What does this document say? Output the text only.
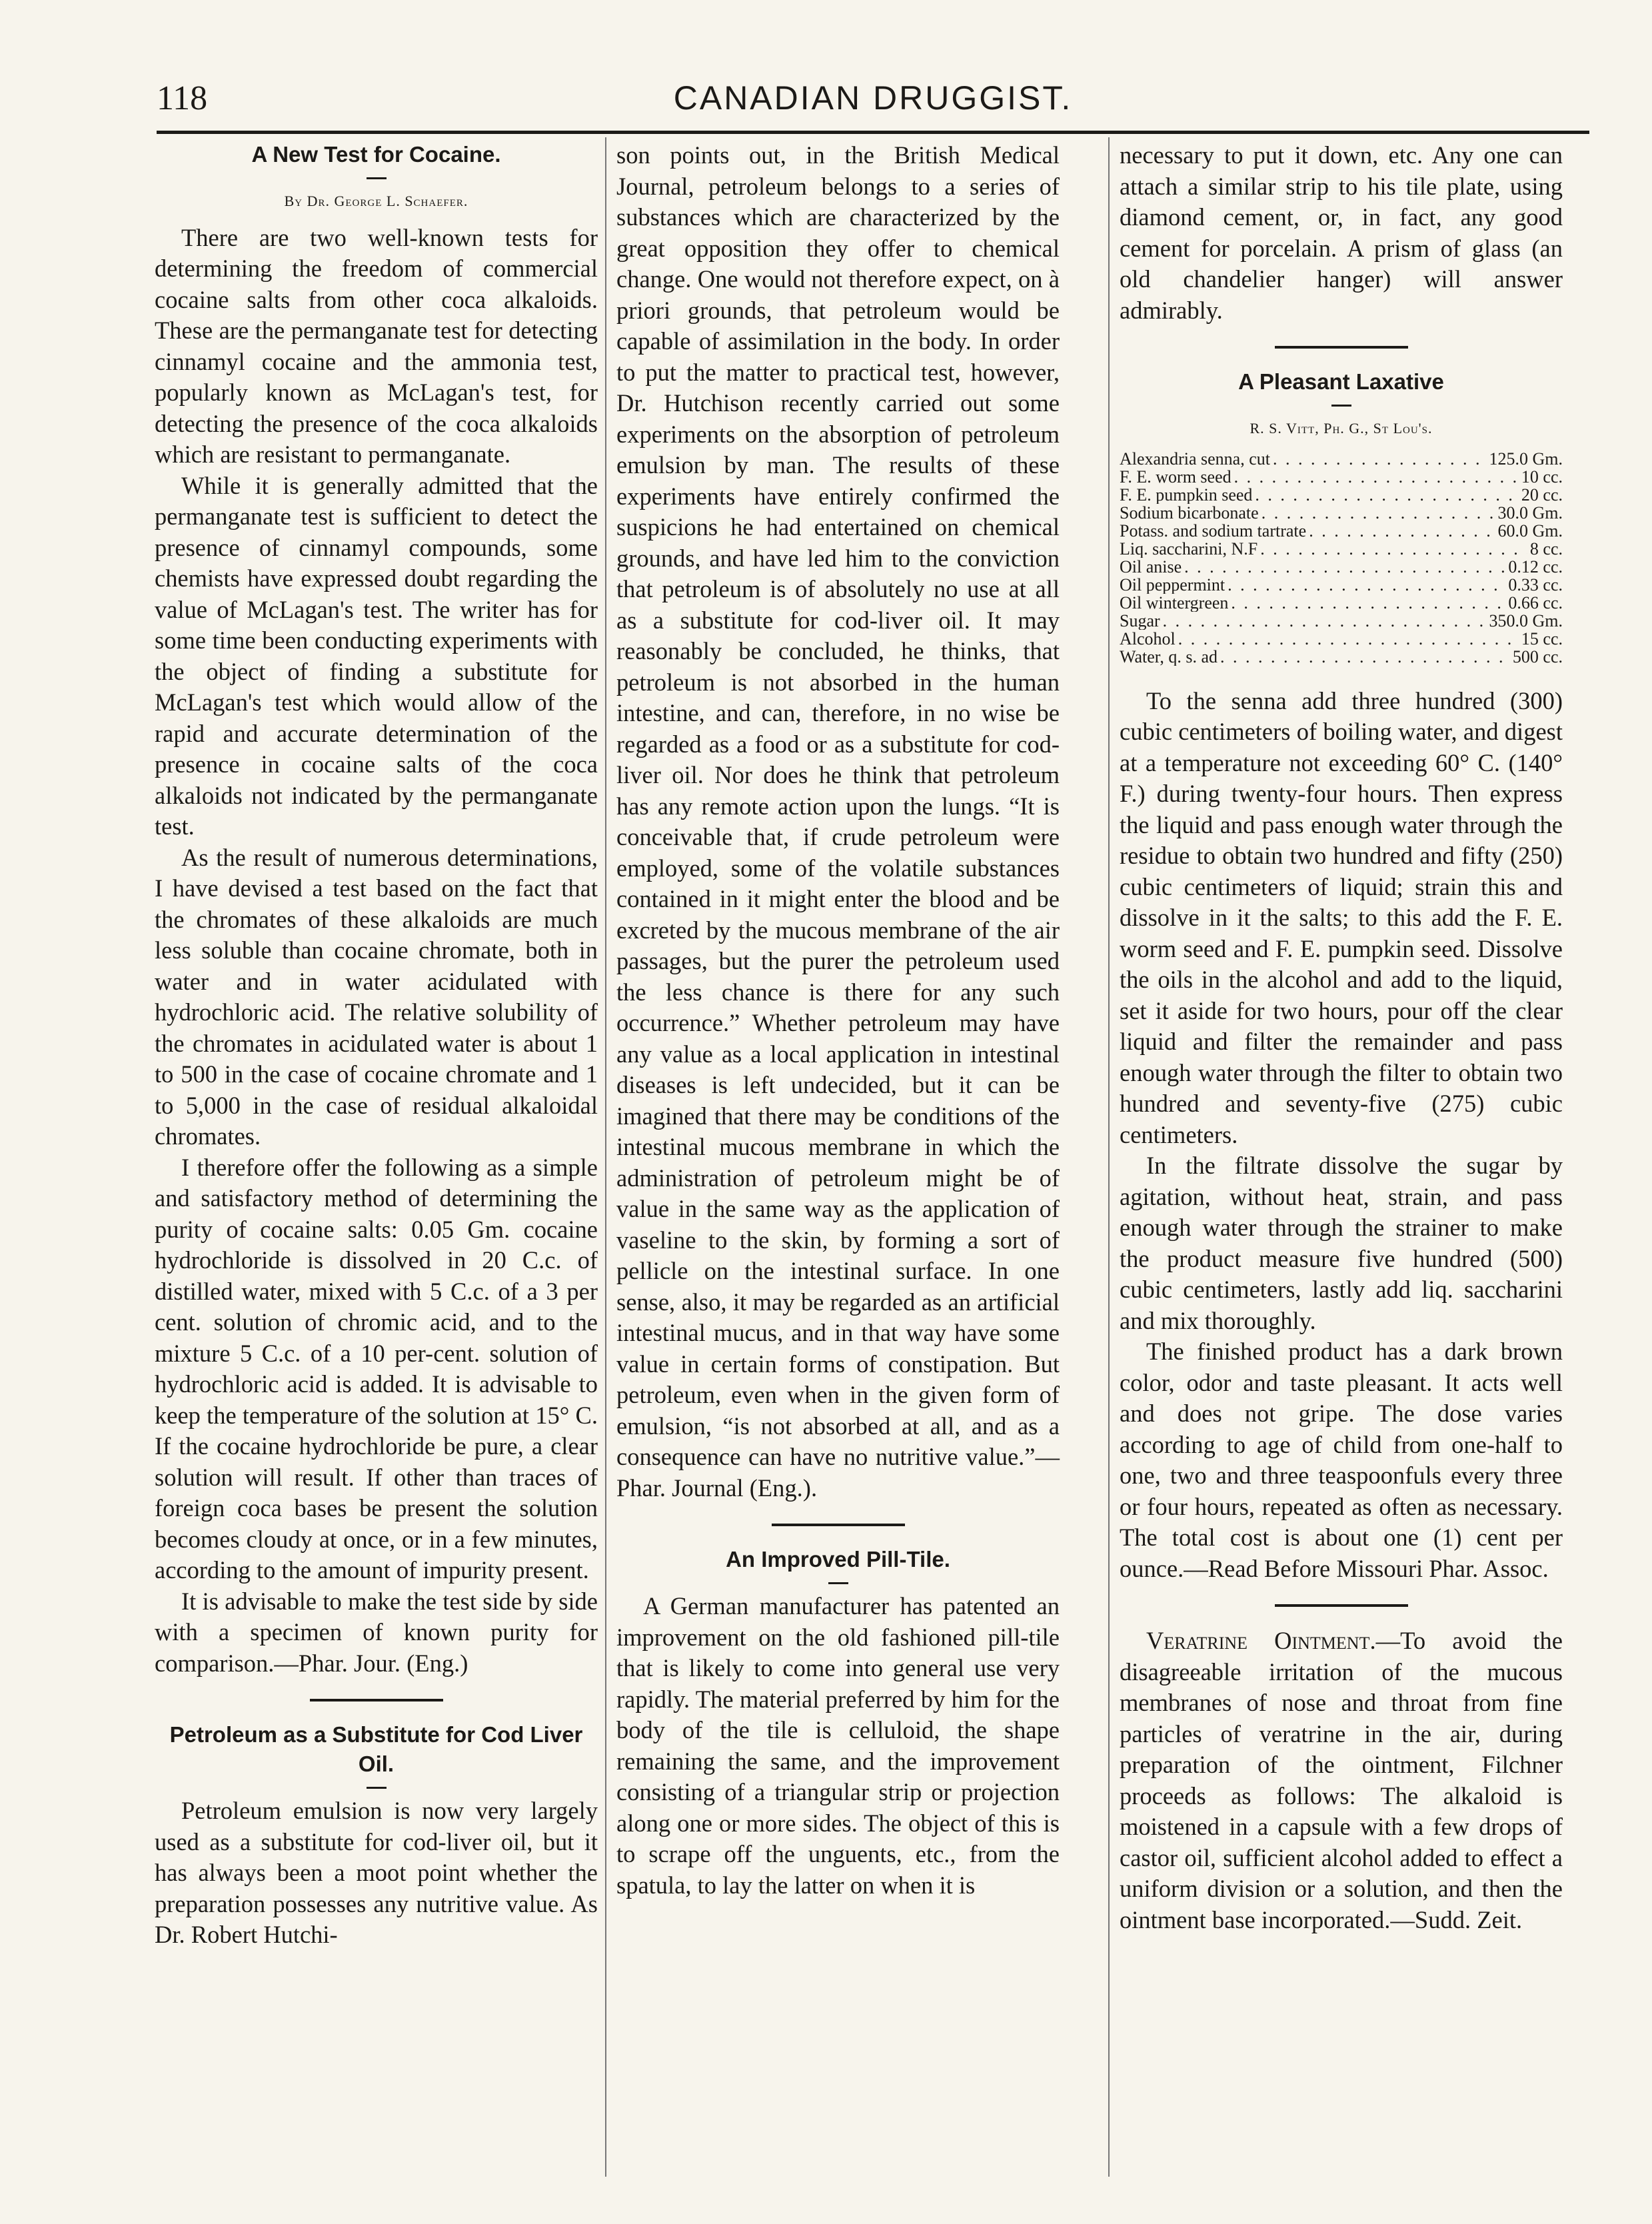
118	CANADIAN DRUGGIST.
A New Test for Cocaine.
By Dr. George L. Schaefer.

There are two well-known tests for determining the freedom of commercial cocaine salts from other coca alkaloids. These are the permanganate test for detecting cinnamyl cocaine and the ammonia test, popularly known as McLagan's test, for detecting the presence of the coca alkaloids which are resistant to permanganate.

While it is generally admitted that the permanganate test is sufficient to detect the presence of cinnamyl compounds, some chemists have expressed doubt regarding the value of McLagan's test. The writer has for some time been conducting experiments with the object of finding a substitute for McLagan's test which would allow of the rapid and accurate determination of the presence in cocaine salts of the coca alkaloids not indicated by the permanganate test.

As the result of numerous determinations, I have devised a test based on the fact that the chromates of these alkaloids are much less soluble than cocaine chromate, both in water and in water acidulated with hydrochloric acid. The relative solubility of the chromates in acidulated water is about 1 to 500 in the case of cocaine chromate and 1 to 5,000 in the case of residual alkaloidal chromates.

I therefore offer the following as a simple and satisfactory method of determining the purity of cocaine salts: 0.05 Gm. cocaine hydrochloride is dissolved in 20 C.c. of distilled water, mixed with 5 C.c. of a 3 per cent. solution of chromic acid, and to the mixture 5 C.c. of a 10 per-cent. solution of hydrochloric acid is added. It is advisable to keep the temperature of the solution at 15° C. If the cocaine hydrochloride be pure, a clear solution will result. If other than traces of foreign coca bases be present the solution becomes cloudy at once, or in a few minutes, according to the amount of impurity present.

It is advisable to make the test side by side with a specimen of known purity for comparison.—Phar. Jour. (Eng.)

Petroleum as a Substitute for Cod Liver Oil.

Petroleum emulsion is now very largely used as a substitute for cod-liver oil, but it has always been a moot point whether the preparation possesses any nutritive value. As Dr. Robert Hutchi-

son points out, in the British Medical Journal, petroleum belongs to a series of substances which are characterized by the great opposition they offer to chemical change. One would not therefore expect, on à priori grounds, that petroleum would be capable of assimilation in the body. In order to put the matter to practical test, however, Dr. Hutchison recently carried out some experiments on the absorption of petroleum emulsion by man. The results of these experiments have entirely confirmed the suspicions he had entertained on chemical grounds, and have led him to the conviction that petroleum is of absolutely no use at all as a substitute for cod-liver oil. It may reasonably be concluded, he thinks, that petroleum is not absorbed in the human intestine, and can, therefore, in no wise be regarded as a food or as a substitute for cod-liver oil. Nor does he think that petroleum has any remote action upon the lungs. “It is conceivable that, if crude petroleum were employed, some of the volatile substances contained in it might enter the blood and be excreted by the mucous membrane of the air passages, but the purer the petroleum used the less chance is there for any such occurrence.” Whether petroleum may have any value as a local application in intestinal diseases is left undecided, but it can be imagined that there may be conditions of the intestinal mucous membrane in which the administration of petroleum might be of value in the same way as the application of vaseline to the skin, by forming a sort of pellicle on the intestinal surface. In one sense, also, it may be regarded as an artificial intestinal mucus, and in that way have some value in certain forms of constipation. But petroleum, even when in the given form of emulsion, “is not absorbed at all, and as a consequence can have no nutritive value.”—Phar. Journal (Eng.).

An Improved Pill-Tile.

A German manufacturer has patented an improvement on the old fashioned pill-tile that is likely to come into general use very rapidly. The material preferred by him for the body of the tile is celluloid, the shape remaining the same, and the improvement consisting of a triangular strip or projection along one or more sides. The object of this is to scrape off the unguents, etc., from the spatula, to lay the latter on when it is

necessary to put it down, etc. Any one can attach a similar strip to his tile plate, using diamond cement, or, in fact, any good cement for porcelain. A prism of glass (an old chandelier hanger) will answer admirably.

A Pleasant Laxative
R. S. Vitt, Ph. G., St Lou's.
Alexandria senna, cut . . .	125.0 Gm.
F. E. worm seed . . .	10 cc.
F. E. pumpkin seed . . .	20 cc.
Sodium bicarbonate . . .	30.0 Gm.
Potass. and sodium tartrate . . .	60.0 Gm.
Liq. saccharini, N.F . . .	8 cc.
Oil anise . . .	0.12 cc.
Oil peppermint . . .	0.33 cc.
Oil wintergreen . . .	0.66 cc.
Sugar . . .	350.0 Gm.
Alcohol . . .	15 cc.
Water, q. s. ad . . .	500 cc.

To the senna add three hundred (300) cubic centimeters of boiling water, and digest at a temperature not exceeding 60° C. (140° F.) during twenty-four hours. Then express the liquid and pass enough water through the residue to obtain two hundred and fifty (250) cubic centimeters of liquid; strain this and dissolve in it the salts; to this add the F. E. worm seed and F. E. pumpkin seed. Dissolve the oils in the alcohol and add to the liquid, set it aside for two hours, pour off the clear liquid and filter the remainder and pass enough water through the filter to obtain two hundred and seventy-five (275) cubic centimeters.

In the filtrate dissolve the sugar by agitation, without heat, strain, and pass enough water through the strainer to make the product measure five hundred (500) cubic centimeters, lastly add liq. saccharini and mix thoroughly.

The finished product has a dark brown color, odor and taste pleasant. It acts well and does not gripe. The dose varies according to age of child from one-half to one, two and three teaspoonfuls every three or four hours, repeated as often as necessary. The total cost is about one (1) cent per ounce.—Read Before Missouri Phar. Assoc.

Veratrine Ointment.—To avoid the disagreeable irritation of the mucous membranes of nose and throat from fine particles of veratrine in the air, during preparation of the ointment, Filchner proceeds as follows: The alkaloid is moistened in a capsule with a few drops of castor oil, sufficient alcohol added to effect a uniform division or a solution, and then the ointment base incorporated.—Sudd. Zeit.
